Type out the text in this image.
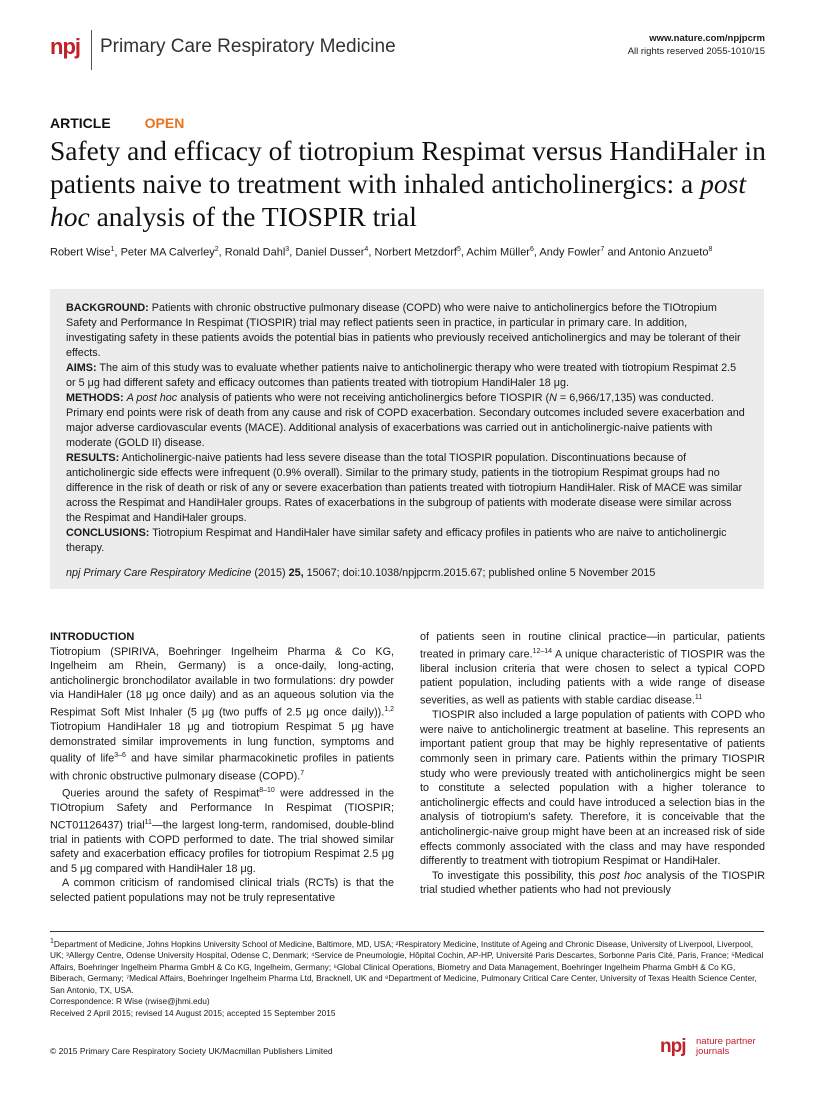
npj Primary Care Respiratory Medicine	www.nature.com/npjpcrm
All rights reserved 2055-1010/15
ARTICLE OPEN
Safety and efficacy of tiotropium Respimat versus HandiHaler in patients naive to treatment with inhaled anticholinergics: a post hoc analysis of the TIOSPIR trial
Robert Wise$^1$, Peter MA Calverley$^2$, Ronald Dahl$^3$, Daniel Dusser$^4$, Norbert Metzdorf$^5$, Achim Müller$^6$, Andy Fowler$^7$ and Antonio Anzueto$^8$

BACKGROUND: Patients with chronic obstructive pulmonary disease (COPD) who were naive to anticholinergics before the TIOtropium Safety and Performance In Respimat (TIOSPIR) trial may reflect patients seen in practice, in particular in primary care. In addition, investigating safety in these patients avoids the potential bias in patients who previously received anticholinergics and may be tolerant of their effects.

AIMS: The aim of this study was to evaluate whether patients naive to anticholinergic therapy who were treated with tiotropium Respimat 2.5 or 5 μg had different safety and efficacy outcomes than patients treated with tiotropium HandiHaler 18 μg.

METHODS: A post hoc analysis of patients who were not receiving anticholinergics before TIOSPIR (N = 6,966/17,135) was conducted. Primary end points were risk of death from any cause and risk of COPD exacerbation. Secondary outcomes included severe exacerbation and major adverse cardiovascular events (MACE). Additional analysis of exacerbations was carried out in anticholinergic-naive patients with moderate (GOLD II) disease.

RESULTS: Anticholinergic-naive patients had less severe disease than the total TIOSPIR population. Discontinuations because of anticholinergic side effects were infrequent (0.9% overall). Similar to the primary study, patients in the tiotropium Respimat groups had no difference in the risk of death or risk of any or severe exacerbation than patients treated with tiotropium HandiHaler. Risk of MACE was similar across the Respimat and HandiHaler groups. Rates of exacerbations in the subgroup of patients with moderate disease were similar across the Respimat and HandiHaler groups.

CONCLUSIONS: Tiotropium Respimat and HandiHaler have similar safety and efficacy profiles in patients who are naive to anticholinergic therapy.

npj Primary Care Respiratory Medicine (2015) 25, 15067; doi:10.1038/npjpcrm.2015.67; published online 5 November 2015

INTRODUCTION

Tiotropium (SPIRIVA, Boehringer Ingelheim Pharma & Co KG, Ingelheim am Rhein, Germany) is a once-daily, long-acting, anticholinergic bronchodilator available in two formulations: dry powder via HandiHaler (18 μg once daily) and as an aqueous solution via the Respimat Soft Mist Inhaler (5 μg (two puffs of 2.5 μg once daily)).$^{1,2}$ Tiotropium HandiHaler 18 μg and tiotropium Respimat 5 μg have demonstrated similar improvements in lung function, symptoms and quality of life$^{3-6}$ and have similar pharmacokinetic profiles in patients with chronic obstructive pulmonary disease (COPD).$^7$

Queries around the safety of Respimat$^{8-10}$ were addressed in the TIOtropium Safety and Performance In Respimat (TIOSPIR; NCT01126437) trial$^{11}$—the largest long-term, randomised, double-blind trial in patients with COPD performed to date. The trial showed similar safety and exacerbation efficacy profiles for tiotropium Respimat 2.5 μg and 5 μg compared with HandiHaler 18 μg.

A common criticism of randomised clinical trials (RCTs) is that the selected patient populations may not be truly representative

of patients seen in routine clinical practice—in particular, patients treated in primary care.$^{12-14}$ A unique characteristic of TIOSPIR was the liberal inclusion criteria that were chosen to select a typical COPD patient population, including patients with a wide range of disease severities, as well as patients with stable cardiac disease.$^{11}$

TIOSPIR also included a large population of patients with COPD who were naive to anticholinergic treatment at baseline. This represents an important patient group that may be highly representative of patients commonly seen in primary care. Patients within the primary TIOSPIR study who were previously treated with anticholinergics might be seen to constitute a selected population with a higher tolerance to anticholinergic effects and could have introduced a selection bias in the analysis of tiotropium's safety. Therefore, it is conceivable that the anticholinergic-naive group might have been at an increased risk of side effects commonly associated with the class and may have responded differently to treatment with tiotropium Respimat or HandiHaler.

To investigate this possibility, this post hoc analysis of the TIOSPIR trial studied whether patients who had not previously

$^1$Department of Medicine, Johns Hopkins University School of Medicine, Baltimore, MD, USA; ²Respiratory Medicine, Institute of Ageing and Chronic Disease, University of Liverpool, Liverpool, UK; ³Allergy Centre, Odense University Hospital, Odense C, Denmark; ⁴Service de Pneumologie, Hôpital Cochin, AP-HP, Université Paris Descartes, Sorbonne Paris Cité, Paris, France; ⁵Medical Affairs, Boehringer Ingelheim Pharma GmbH & Co KG, Ingelheim, Germany; ⁶Global Clinical Operations, Biometry and Data Management, Boehringer Ingelheim Pharma GmbH & Co KG, Biberach, Germany; ⁷Medical Affairs, Boehringer Ingelheim Pharma Ltd, Bracknell, UK and ⁸Department of Medicine, Pulmonary Critical Care Center, University of Texas Health Science Center, San Antonio, TX, USA.

Correspondence: R Wise (rwise@jhmi.edu)

Received 2 April 2015; revised 14 August 2015; accepted 15 September 2015

© 2015 Primary Care Respiratory Society UK/Macmillan Publishers Limited	npj nature partner
journals
